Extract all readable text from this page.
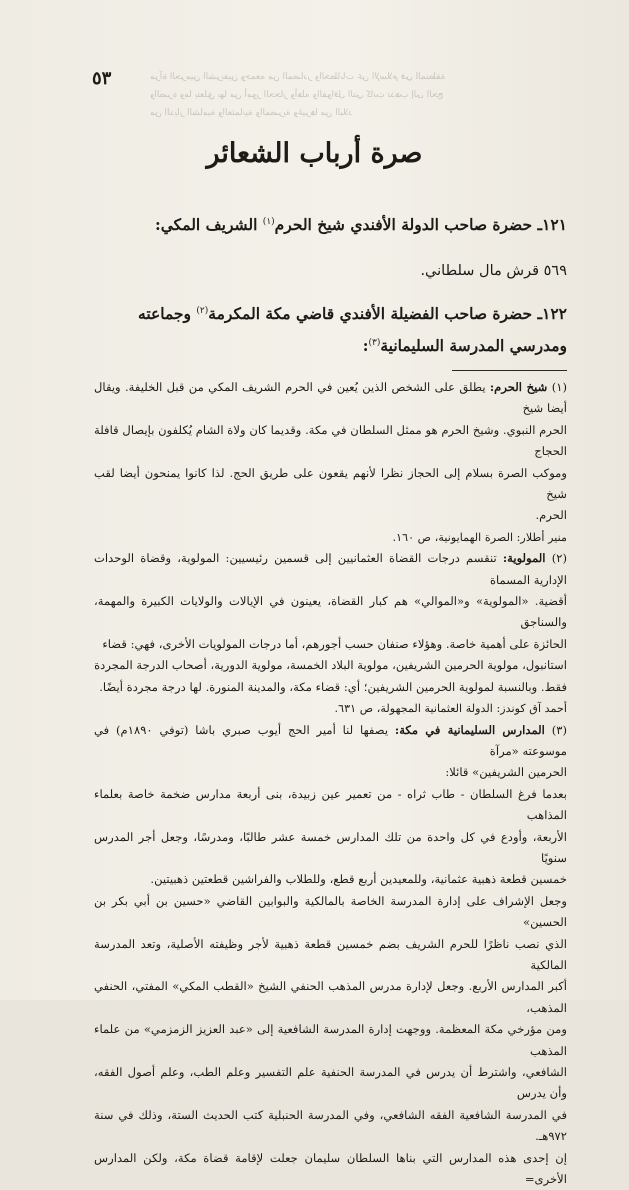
مرآة الحرمين الشريفين وجمعه من المصادر والخطابات عن الإسلام في المنطقة
والصرة وما يتعلق بها من أمور الحجاز وأهله والقوافل التي كانت تذهب إلى الحج
من الديار الشامية والعثمانية والمصرية وغيرها من البلاد
٥٣
صرة أرباب الشعائر
١٢١ـ حضرة صاحب الدولة الأفندي شيخ الحرم$^{(١)}$ الشريف المكي:
٥٦٩ قرش مال سلطاني.
١٢٢ـ حضرة صاحب الفضيلة الأفندي قاضي مكة المكرمة$^{(٢)}$ وجماعته
ومدرسي المدرسة السليمانية$^{(٣)}$:

(١) شيخ الحرم: يطلق على الشخص الذين يُعين في الحرم الشريف المكي من قبل الخليفة. ويقال أيضا شيخ

الحرم النبوي. وشيخ الحرم هو ممثل السلطان في مكة. وقديما كان ولاة الشام يُكلفون بإيصال قافلة الحجاج

وموكب الصرة بسلام إلى الحجاز نظرا لأنهم يقعون على طريق الحج. لذا كانوا يمنحون أيضا لقب شيخ

الحرم.

منير أطلار: الصرة الهمايونية، ص ١٦٠.

(٢) المولوية: تنقسم درجات القضاة العثمانيين إلى قسمين رئيسيين: المولوية، وقضاة الوحدات الإدارية المسماة

أقضية. «المولوية» و«الموالي» هم كبار القضاة، يعينون في الإيالات والولايات الكبيرة والمهمة، والسناجق

الحائزة على أهمية خاصة. وهؤلاء صنفان حسب أجورهم، أما درجات المولويات الأخرى، فهي: قضاء

استانبول، مولوية الحرمين الشريفين، مولوية البلاد الخمسة، مولوية الدورية، أصحاب الدرجة المجردة

فقط. وبالنسبة لمولوية الحرمين الشريفين؛ أي: قضاء مكة، والمدينة المنورة. لها درجة مجردة أيضًا.

أحمد آق كوندز: الدولة العثمانية المجهولة، ص ٦٣١.

(٣) المدارس السليمانية في مكة: يصفها لنا أمير الحج أيوب صبري باشا (توفي ١٨٩٠م) في موسوعته «مرآة

الحرمين الشريفين» قائلا:

بعدما فرغ السلطان - طاب ثراه - من تعمير عين زبيدة، بنى أربعة مدارس ضخمة خاصة بعلماء المذاهب

الأربعة، وأودع في كل واحدة من تلك المدارس خمسة عشر طالبًا، ومدرسًا، وجعل أجر المدرس سنويًا

خمسين قطعة ذهبية عثمانية، وللمعيدين أربع قطع، وللطلاب والفراشين قطعتين ذهبيتين.

وجعل الإشراف على إدارة المدرسة الخاصة بالمالكية والبوابين القاضي «حسين بن أبي بكر بن الحسين»

الذي نصب ناظرًا للحرم الشريف بضم خمسين قطعة ذهبية لأجر وظيفته الأصلية، وتعد المدرسة المالكية

أكبر المدارس الأربع. وجعل لإدارة مدرس المذهب الحنفي الشيخ «القطب المكي» المفتي، الحنفي المذهب،

ومن مؤرخي مكة المعظمة. ووجهت إدارة المدرسة الشافعية إلى «عبد العزيز الزمزمي» من علماء المذهب

الشافعي، واشترط أن يدرس في المدرسة الحنفية علم التفسير وعلم الطب، وعلم أصول الفقه، وأن يدرس

في المدرسة الشافعية الفقه الشافعي، وفي المدرسة الحنبلية كتب الحديث الستة، وذلك في سنة ٩٧٢هـ.

إن إحدى هذه المدارس التي بناها السلطان سليمان جعلت لإقامة قضاة مكة، ولكن المدارس الأخرى=
